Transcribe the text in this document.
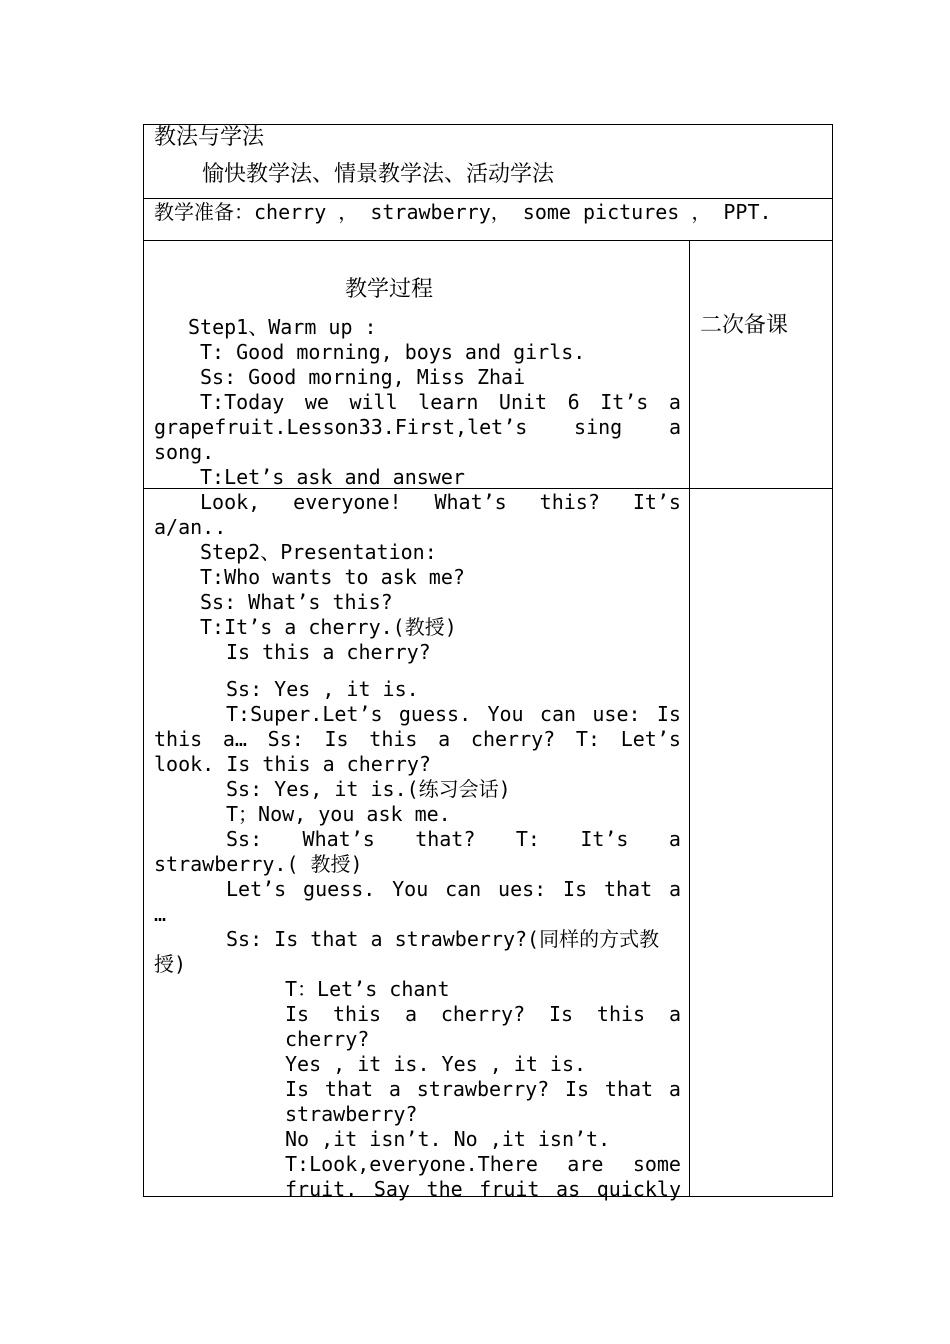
教法与学法
愉快教学法、情景教学法、活动学法
教学准备：cherry ， strawberry， some pictures ， PPT.
教学过程
二次备课
Step1、Warm up :
T: Good morning, boys and girls.
Ss: Good morning, Miss Zhai
T:Today we will learn Unit 6 It’s a
grapefruit.Lesson33.First,let’s sing a
song.
T:Let’s ask and answer
Look, everyone! What’s this? It’s
a/an..
Step2、Presentation:
T:Who wants to ask me?
Ss: What’s this?
T:It’s a cherry.(教授)
Is this a cherry?
Ss: Yes , it is.
T:Super.Let’s guess. You can use: Is
this a… Ss: Is this a cherry? T: Let’s
look. Is this a cherry?
Ss: Yes, it is.(练习会话)
T；Now, you ask me.
Ss: What’s that? T: It’s a
strawberry.( 教授)
Let’s guess. You can ues: Is that a
…
Ss: Is that a strawberry?(同样的方式教
授)
T：Let’s chant
Is this a cherry? Is this a
cherry?
Yes , it is. Yes , it is.
Is that a strawberry? Is that a
strawberry?
No ,it isn’t. No ,it isn’t.
T:Look,everyone.There are some
fruit. Say the fruit as quickly
